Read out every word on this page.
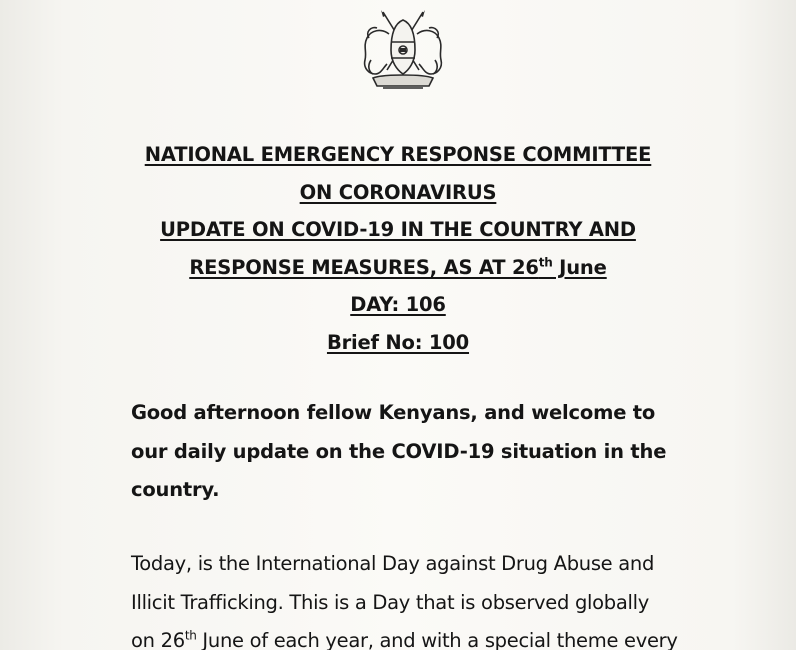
NATIONAL EMERGENCY RESPONSE COMMITTEE
ON CORONAVIRUS
UPDATE ON COVID-19 IN THE COUNTRY AND
RESPONSE MEASURES, AS AT 26th June
DAY: 106
Brief No: 100
Good afternoon fellow Kenyans, and welcome to
our daily update on the COVID-19 situation in the
country.
Today, is the International Day against Drug Abuse and
Illicit Trafficking. This is a Day that is observed globally
on 26th June of each year, and with a special theme every
